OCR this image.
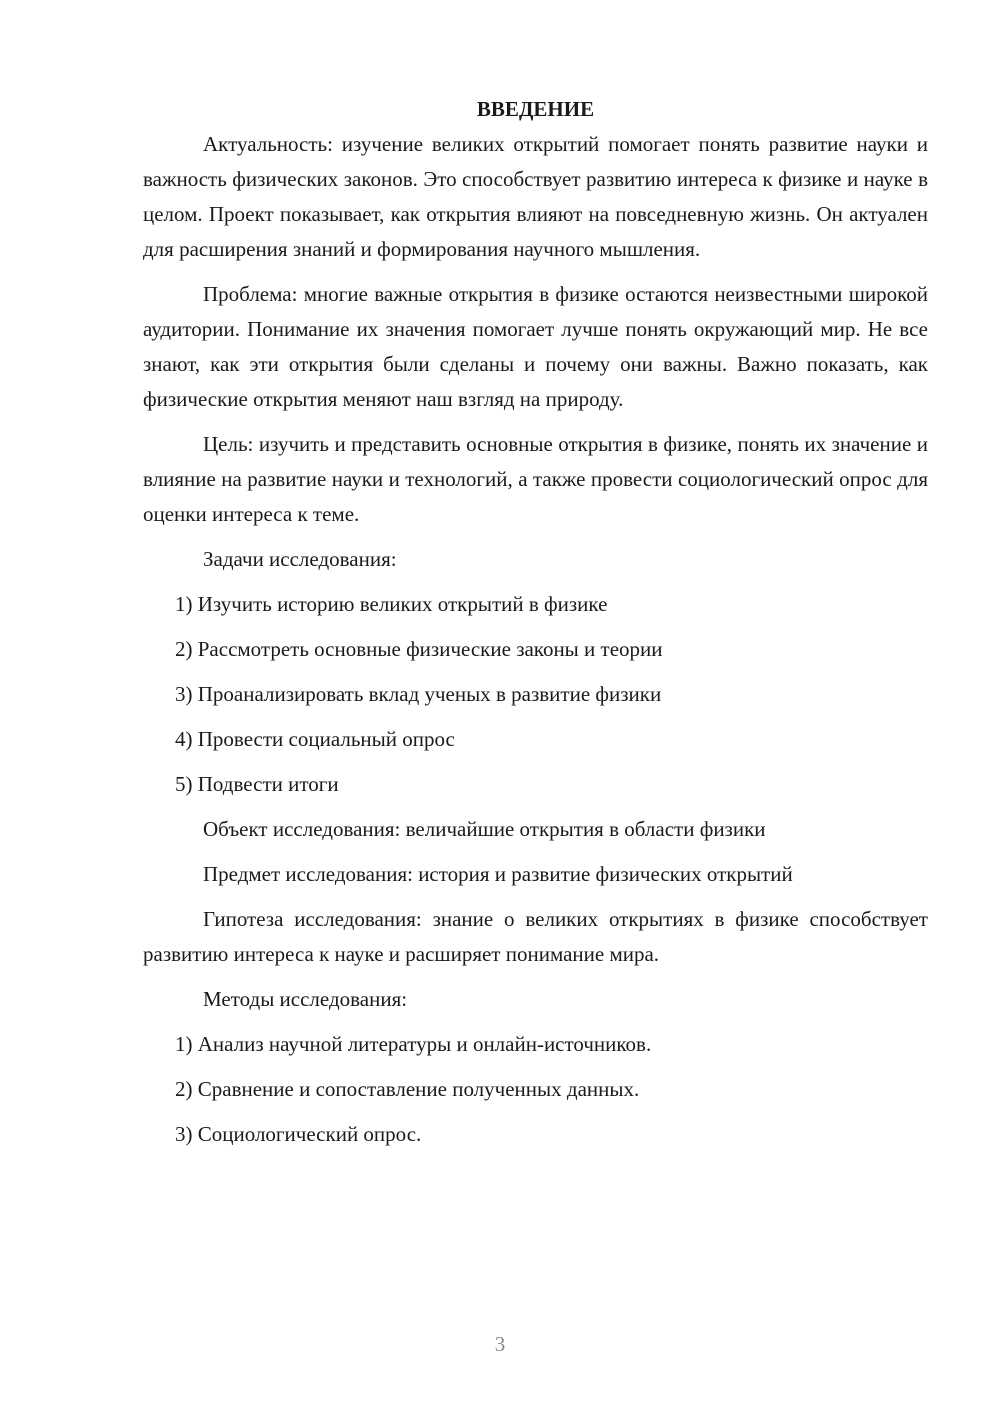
ВВЕДЕНИЕ

Актуальность: изучение великих открытий помогает понять развитие науки и важность физических законов. Это способствует развитию интереса к физике и науке в целом. Проект показывает, как открытия влияют на повседневную жизнь. Он актуален для расширения знаний и формирования научного мышления.

Проблема: многие важные открытия в физике остаются неизвестными широкой аудитории. Понимание их значения помогает лучше понять окружающий мир. Не все знают, как эти открытия были сделаны и почему они важны. Важно показать, как физические открытия меняют наш взгляд на природу.

Цель: изучить и представить основные открытия в физике, понять их значение и влияние на развитие науки и технологий, а также провести социологический опрос для оценки интереса к теме.

Задачи исследования:
1) Изучить историю великих открытий в физике
2) Рассмотреть основные физические законы и теории
3) Проанализировать вклад ученых в развитие физики
4) Провести социальный опрос
5) Подвести итоги
Объект исследования: величайшие открытия в области физики
Предмет исследования: история и развитие физических открытий

Гипотеза исследования: знание о великих открытиях в физике способствует развитию интереса к науке и расширяет понимание мира.

Методы исследования:
1) Анализ научной литературы и онлайн-источников.
2) Сравнение и сопоставление полученных данных.
3) Социологический опрос.
3
